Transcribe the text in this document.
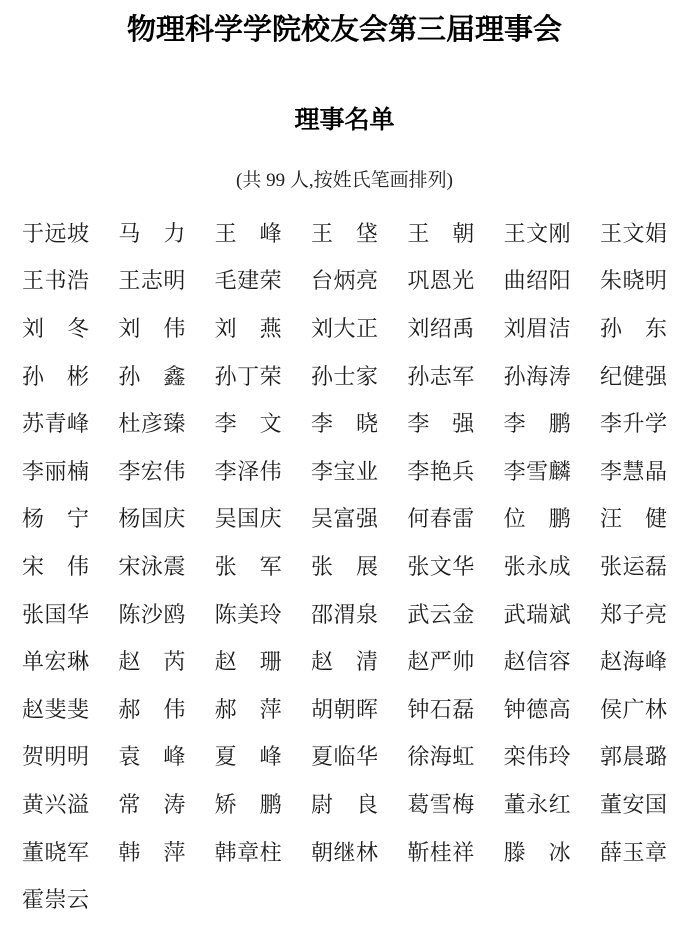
物理科学学院校友会第三届理事会
理事名单

(共 99 人,按姓氏笔画排列)

于远坡 马　力 王　峰 王　垡 王　朝 王文刚 王文娟
王书浩 王志明 毛建荣 台炳亮 巩恩光 曲绍阳 朱晓明
刘　冬 刘　伟 刘　燕 刘大正 刘绍禹 刘眉洁 孙　东
孙　彬 孙　鑫 孙丁荣 孙士家 孙志军 孙海涛 纪健强
苏青峰 杜彦臻 李　文 李　晓 李　强 李　鹏 李升学
李丽楠 李宏伟 李泽伟 李宝业 李艳兵 李雪麟 李慧晶
杨　宁 杨国庆 吴国庆 吴富强 何春雷 位　鹏 汪　健
宋　伟 宋泳震 张　军 张　展 张文华 张永成 张运磊
张国华 陈沙鸥 陈美玲 邵渭泉 武云金 武瑞斌 郑子亮
单宏琳 赵　芮 赵　珊 赵　清 赵严帅 赵信容 赵海峰
赵斐斐 郝　伟 郝　萍 胡朝晖 钟石磊 钟德高 侯广林
贺明明 袁　峰 夏　峰 夏临华 徐海虹 栾伟玲 郭晨璐
黄兴溢 常　涛 矫　鹏 尉　良 葛雪梅 董永红 董安国
董晓军 韩　萍 韩章柱 朝继林 靳桂祥 滕　冰 薛玉章
霍崇云
